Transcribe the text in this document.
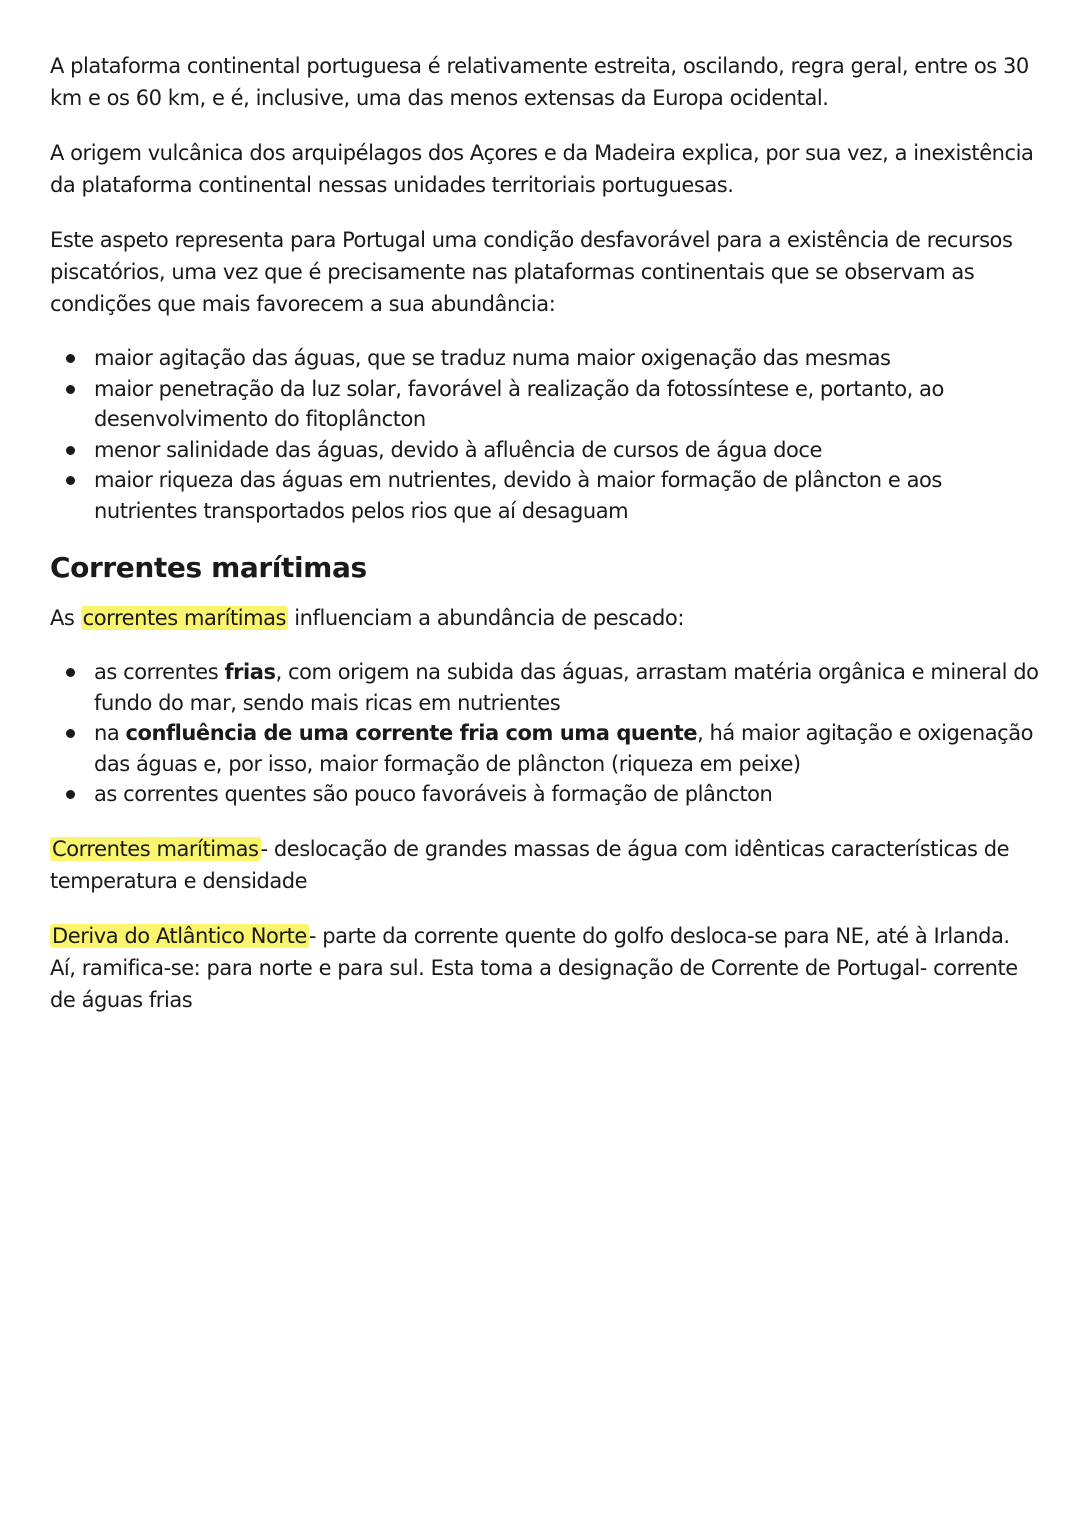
A plataforma continental portuguesa é relativamente estreita, oscilando, regra geral, entre os 30 km e os 60 km, e é, inclusive, uma das menos extensas da Europa ocidental.

A origem vulcânica dos arquipélagos dos Açores e da Madeira explica, por sua vez, a inexistência da plataforma continental nessas unidades territoriais portuguesas.

Este aspeto representa para Portugal uma condição desfavorável para a existência de recursos piscatórios, uma vez que é precisamente nas plataformas continentais que se observam as condições que mais favorecem a sua abundância:

maior agitação das águas, que se traduz numa maior oxigenação das mesmas
maior penetração da luz solar, favorável à realização da fotossíntese e, portanto, ao desenvolvimento do fitoplâncton
menor salinidade das águas, devido à afluência de cursos de água doce
maior riqueza das águas em nutrientes, devido à maior formação de plâncton e aos nutrientes transportados pelos rios que aí desaguam
Correntes marítimas

As correntes marítimas influenciam a abundância de pescado:

as correntes frias, com origem na subida das águas, arrastam matéria orgânica e mineral do fundo do mar, sendo mais ricas em nutrientes
na confluência de uma corrente fria com uma quente, há maior agitação e oxigenação das águas e, por isso, maior formação de plâncton (riqueza em peixe)
as correntes quentes são pouco favoráveis à formação de plâncton

Correntes marítimas- deslocação de grandes massas de água com idênticas características de temperatura e densidade

Deriva do Atlântico Norte- parte da corrente quente do golfo desloca-se para NE, até à Irlanda. Aí, ramifica-se: para norte e para sul. Esta toma a designação de Corrente de Portugal- corrente de águas frias
